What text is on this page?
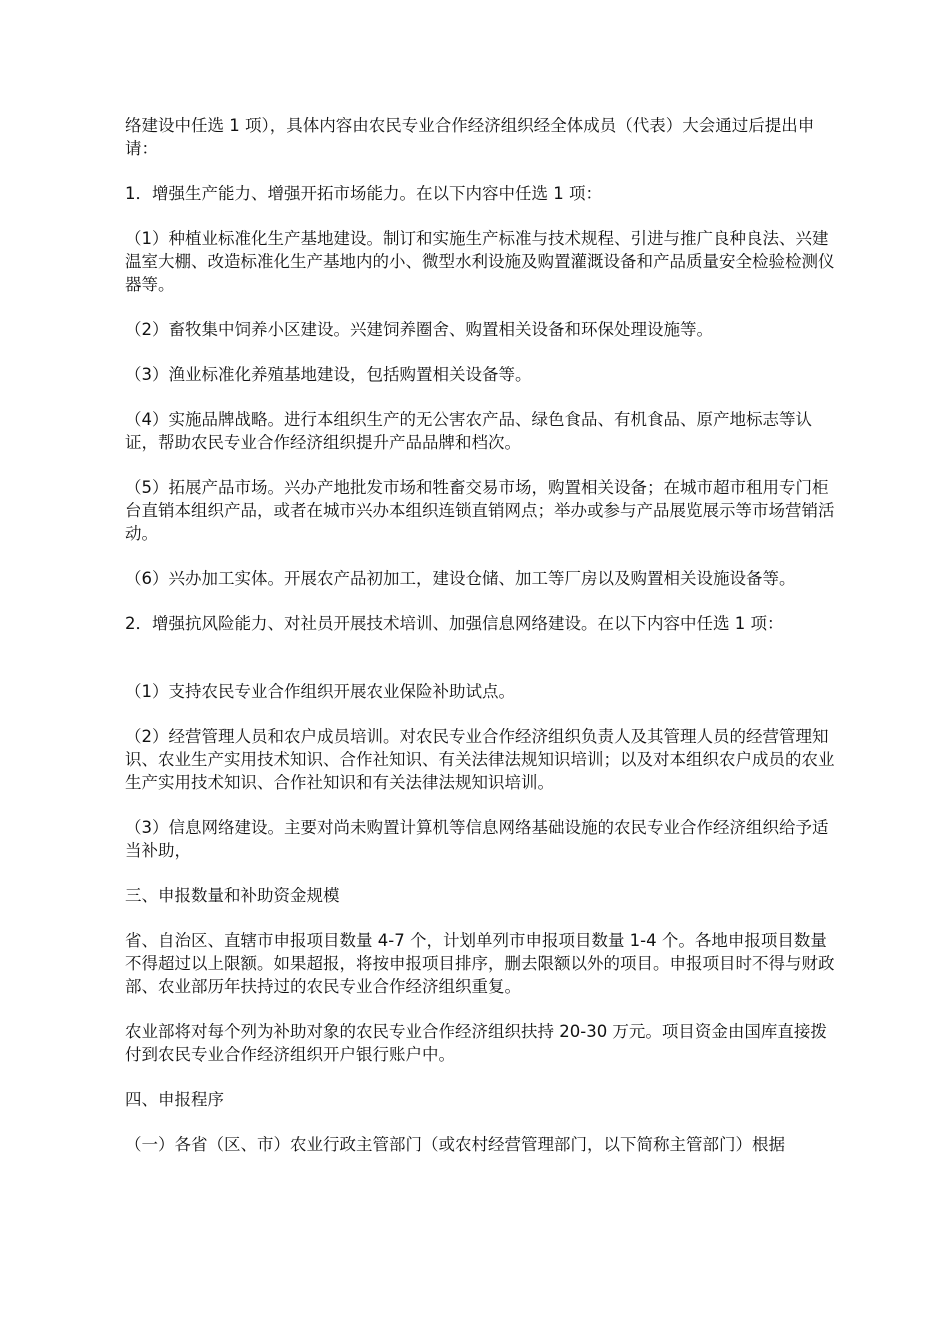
络建设中任选 1 项），具体内容由农民专业合作经济组织经全体成员（代表）大会通过后提出申请：

1．增强生产能力、增强开拓市场能力。在以下内容中任选 1 项：

（1）种植业标准化生产基地建设。制订和实施生产标准与技术规程、引进与推广良种良法、兴建温室大棚、改造标准化生产基地内的小、微型水利设施及购置灌溉设备和产品质量安全检验检测仪器等。

（2）畜牧集中饲养小区建设。兴建饲养圈舍、购置相关设备和环保处理设施等。

（3）渔业标准化养殖基地建设，包括购置相关设备等。

（4）实施品牌战略。进行本组织生产的无公害农产品、绿色食品、有机食品、原产地标志等认证，帮助农民专业合作经济组织提升产品品牌和档次。

（5）拓展产品市场。兴办产地批发市场和牲畜交易市场，购置相关设备；在城市超市租用专门柜台直销本组织产品，或者在城市兴办本组织连锁直销网点；举办或参与产品展览展示等市场营销活动。

（6）兴办加工实体。开展农产品初加工，建设仓储、加工等厂房以及购置相关设施设备等。

2．增强抗风险能力、对社员开展技术培训、加强信息网络建设。在以下内容中任选 1 项：

（1）支持农民专业合作组织开展农业保险补助试点。

（2）经营管理人员和农户成员培训。对农民专业合作经济组织负责人及其管理人员的经营管理知识、农业生产实用技术知识、合作社知识、有关法律法规知识培训；以及对本组织农户成员的农业生产实用技术知识、合作社知识和有关法律法规知识培训。

（3）信息网络建设。主要对尚未购置计算机等信息网络基础设施的农民专业合作经济组织给予适当补助，

三、申报数量和补助资金规模

省、自治区、直辖市申报项目数量 4-7 个，计划单列市申报项目数量 1-4 个。各地申报项目数量不得超过以上限额。如果超报，将按申报项目排序，删去限额以外的项目。申报项目时不得与财政部、农业部历年扶持过的农民专业合作经济组织重复。

农业部将对每个列为补助对象的农民专业合作经济组织扶持 20-30 万元。项目资金由国库直接拨付到农民专业合作经济组织开户银行账户中。

四、申报程序

（一）各省（区、市）农业行政主管部门（或农村经营管理部门，以下简称主管部门）根据
